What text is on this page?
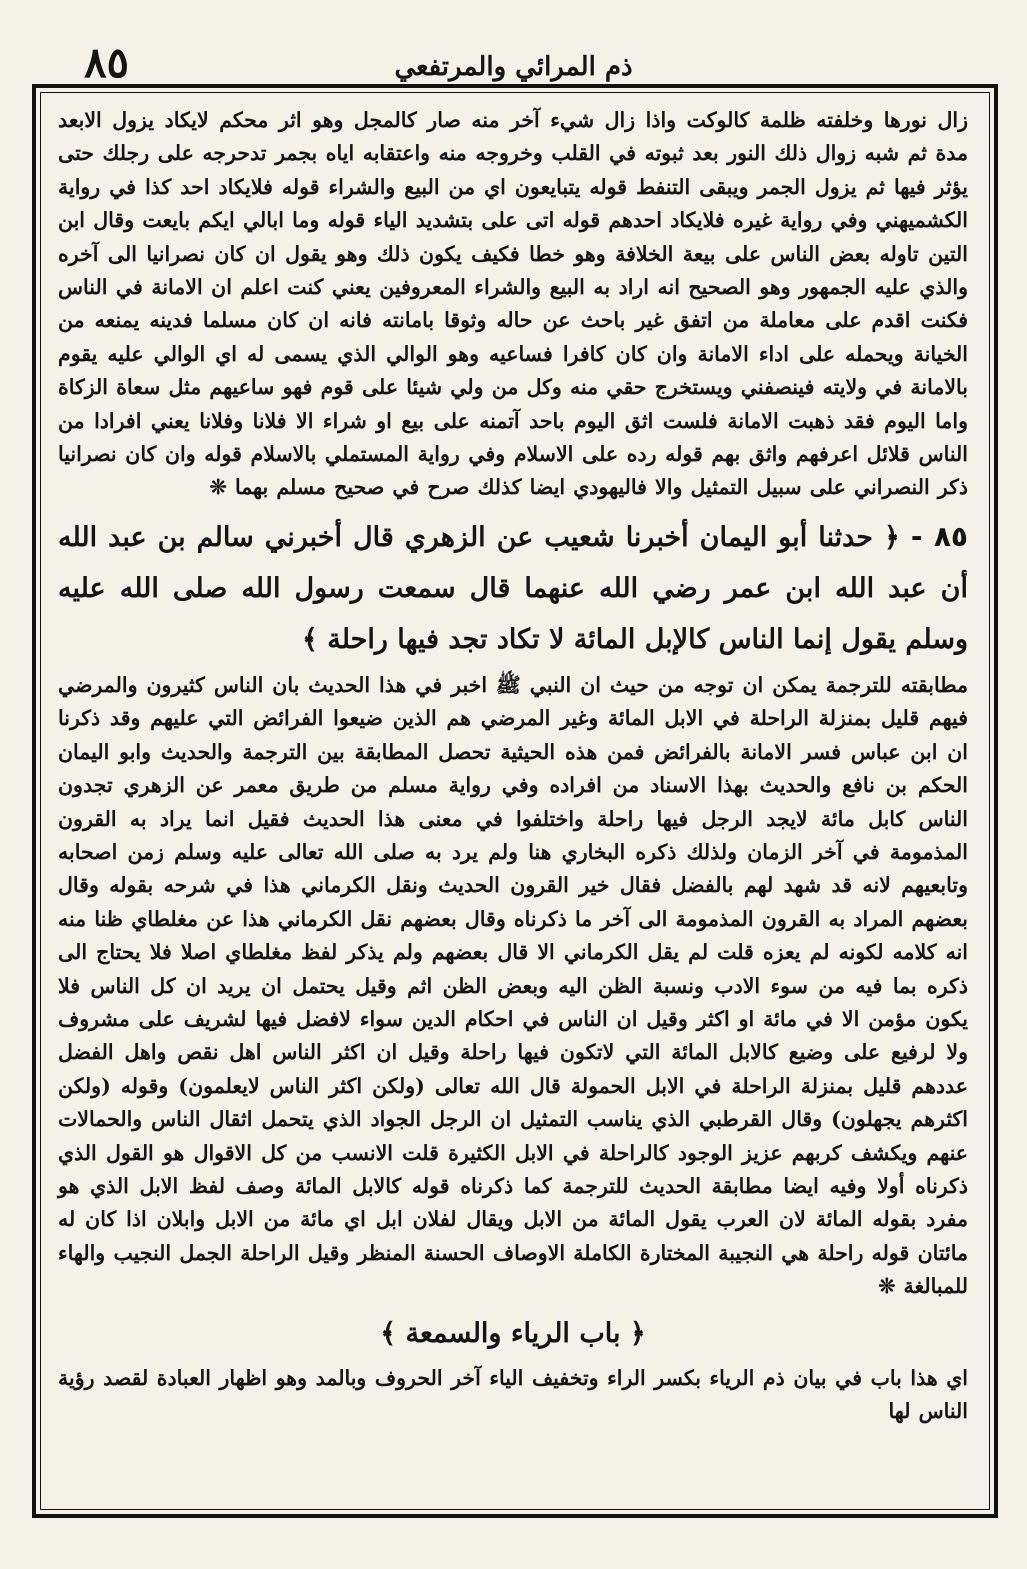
٨٥	ذم المرائي والمرتفعي

زال نورها وخلفته ظلمة كالوكت واذا زال شيء آخر منه صار كالمجل وهو اثر محكم لايكاد يزول الابعد مدة ثم شبه زوال ذلك النور بعد ثبوته في القلب وخروجه منه واعتقابه اياه بجمر تدحرجه على رجلك حتى يؤثر فيها ثم يزول الجمر ويبقى التنفط قوله يتبايعون اي من البيع والشراء قوله فلايكاد احد كذا في رواية الكشميهني وفي رواية غيره فلايكاد احدهم قوله اتى على بتشديد الياء قوله وما ابالي ايكم بايعت وقال ابن التين تاوله بعض الناس على بيعة الخلافة وهو خطا فكيف يكون ذلك وهو يقول ان كان نصرانيا الى آخره والذي عليه الجمهور وهو الصحيح انه اراد به البيع والشراء المعروفين يعني كنت اعلم ان الامانة في الناس فكنت اقدم على معاملة من اتفق غير باحث عن حاله وثوقا بامانته فانه ان كان مسلما فدينه يمنعه من الخيانة ويحمله على اداء الامانة وان كان كافرا فساعيه وهو الوالي الذي يسمى له اي الوالي عليه يقوم بالامانة في ولايته فينصفني ويستخرج حقي منه وكل من ولي شيئا على قوم فهو ساعيهم مثل سعاة الزكاة واما اليوم فقد ذهبت الامانة فلست اثق اليوم باحد آتمنه على بيع او شراء الا فلانا وفلانا يعني افرادا من الناس قلائل اعرفهم واثق بهم قوله رده على الاسلام وفي رواية المستملي بالاسلام قوله وان كان نصرانيا ذكر النصراني على سبيل التمثيل والا فاليهودي ايضا كذلك صرح في صحيح مسلم بهما ❊

٨٥ - ﴿ حدثنا أبو اليمان أخبرنا شعيب عن الزهري قال أخبرني سالم بن عبد الله أن عبد الله ابن عمر رضي الله عنهما قال سمعت رسول الله صلى الله عليه وسلم يقول إنما الناس كالإبل المائة لا تكاد تجد فيها راحلة ﴾

مطابقته للترجمة يمكن ان توجه من حيث ان النبي ﷺ اخبر في هذا الحديث بان الناس كثيرون والمرضي فيهم قليل بمنزلة الراحلة في الابل المائة وغير المرضي هم الذين ضيعوا الفرائض التي عليهم وقد ذكرنا ان ابن عباس فسر الامانة بالفرائض فمن هذه الحيثية تحصل المطابقة بين الترجمة والحديث وابو اليمان الحكم بن نافع والحديث بهذا الاسناد من افراده وفي رواية مسلم من طريق معمر عن الزهري تجدون الناس كابل مائة لايجد الرجل فيها راحلة واختلفوا في معنى هذا الحديث فقيل انما يراد به القرون المذمومة في آخر الزمان ولذلك ذكره البخاري هنا ولم يرد به صلى الله تعالى عليه وسلم زمن اصحابه وتابعيهم لانه قد شهد لهم بالفضل فقال خير القرون الحديث ونقل الكرماني هذا في شرحه بقوله وقال بعضهم المراد به القرون المذمومة الى آخر ما ذكرناه وقال بعضهم نقل الكرماني هذا عن مغلطاي ظنا منه انه كلامه لكونه لم يعزه قلت لم يقل الكرماني الا قال بعضهم ولم يذكر لفظ مغلطاي اصلا فلا يحتاج الى ذكره بما فيه من سوء الادب ونسبة الظن اليه وبعض الظن اثم وقيل يحتمل ان يريد ان كل الناس فلا يكون مؤمن الا في مائة او اكثر وقيل ان الناس في احكام الدين سواء لافضل فيها لشريف على مشروف ولا لرفيع على وضيع كالابل المائة التي لاتكون فيها راحلة وقيل ان اكثر الناس اهل نقص واهل الفضل عددهم قليل بمنزلة الراحلة في الابل الحمولة قال الله تعالى (ولكن اكثر الناس لايعلمون) وقوله (ولكن اكثرهم يجهلون) وقال القرطبي الذي يناسب التمثيل ان الرجل الجواد الذي يتحمل اثقال الناس والحمالات عنهم ويكشف كربهم عزيز الوجود كالراحلة في الابل الكثيرة قلت الانسب من كل الاقوال هو القول الذي ذكرناه أولا وفيه ايضا مطابقة الحديث للترجمة كما ذكرناه قوله كالابل المائة وصف لفظ الابل الذي هو مفرد بقوله المائة لان العرب يقول المائة من الابل ويقال لفلان ابل اي مائة من الابل وابلان اذا كان له مائتان قوله راحلة هي النجيبة المختارة الكاملة الاوصاف الحسنة المنظر وقيل الراحلة الجمل النجيب والهاء للمبالغة ❊

﴿ باب الرياء والسمعة ﴾

اي هذا باب في بيان ذم الرياء بكسر الراء وتخفيف الياء آخر الحروف وبالمد وهو اظهار العبادة لقصد رؤية الناس لها
